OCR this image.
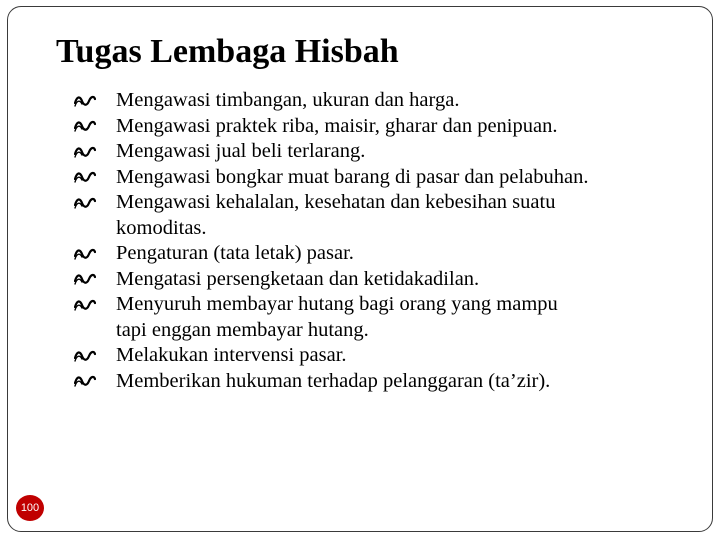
Tugas Lembaga Hisbah
Mengawasi timbangan, ukuran dan harga.
Mengawasi praktek riba, maisir, gharar dan penipuan.
Mengawasi jual beli terlarang.
Mengawasi bongkar muat barang di pasar dan pelabuhan.
Mengawasi kehalalan, kesehatan dan kebesihan suatu
komoditas.
Pengaturan (tata letak) pasar.
Mengatasi persengketaan dan ketidakadilan.
Menyuruh membayar hutang bagi orang yang mampu
tapi enggan membayar hutang.
Melakukan intervensi pasar.
Memberikan hukuman terhadap pelanggaran (ta’zir).
100
